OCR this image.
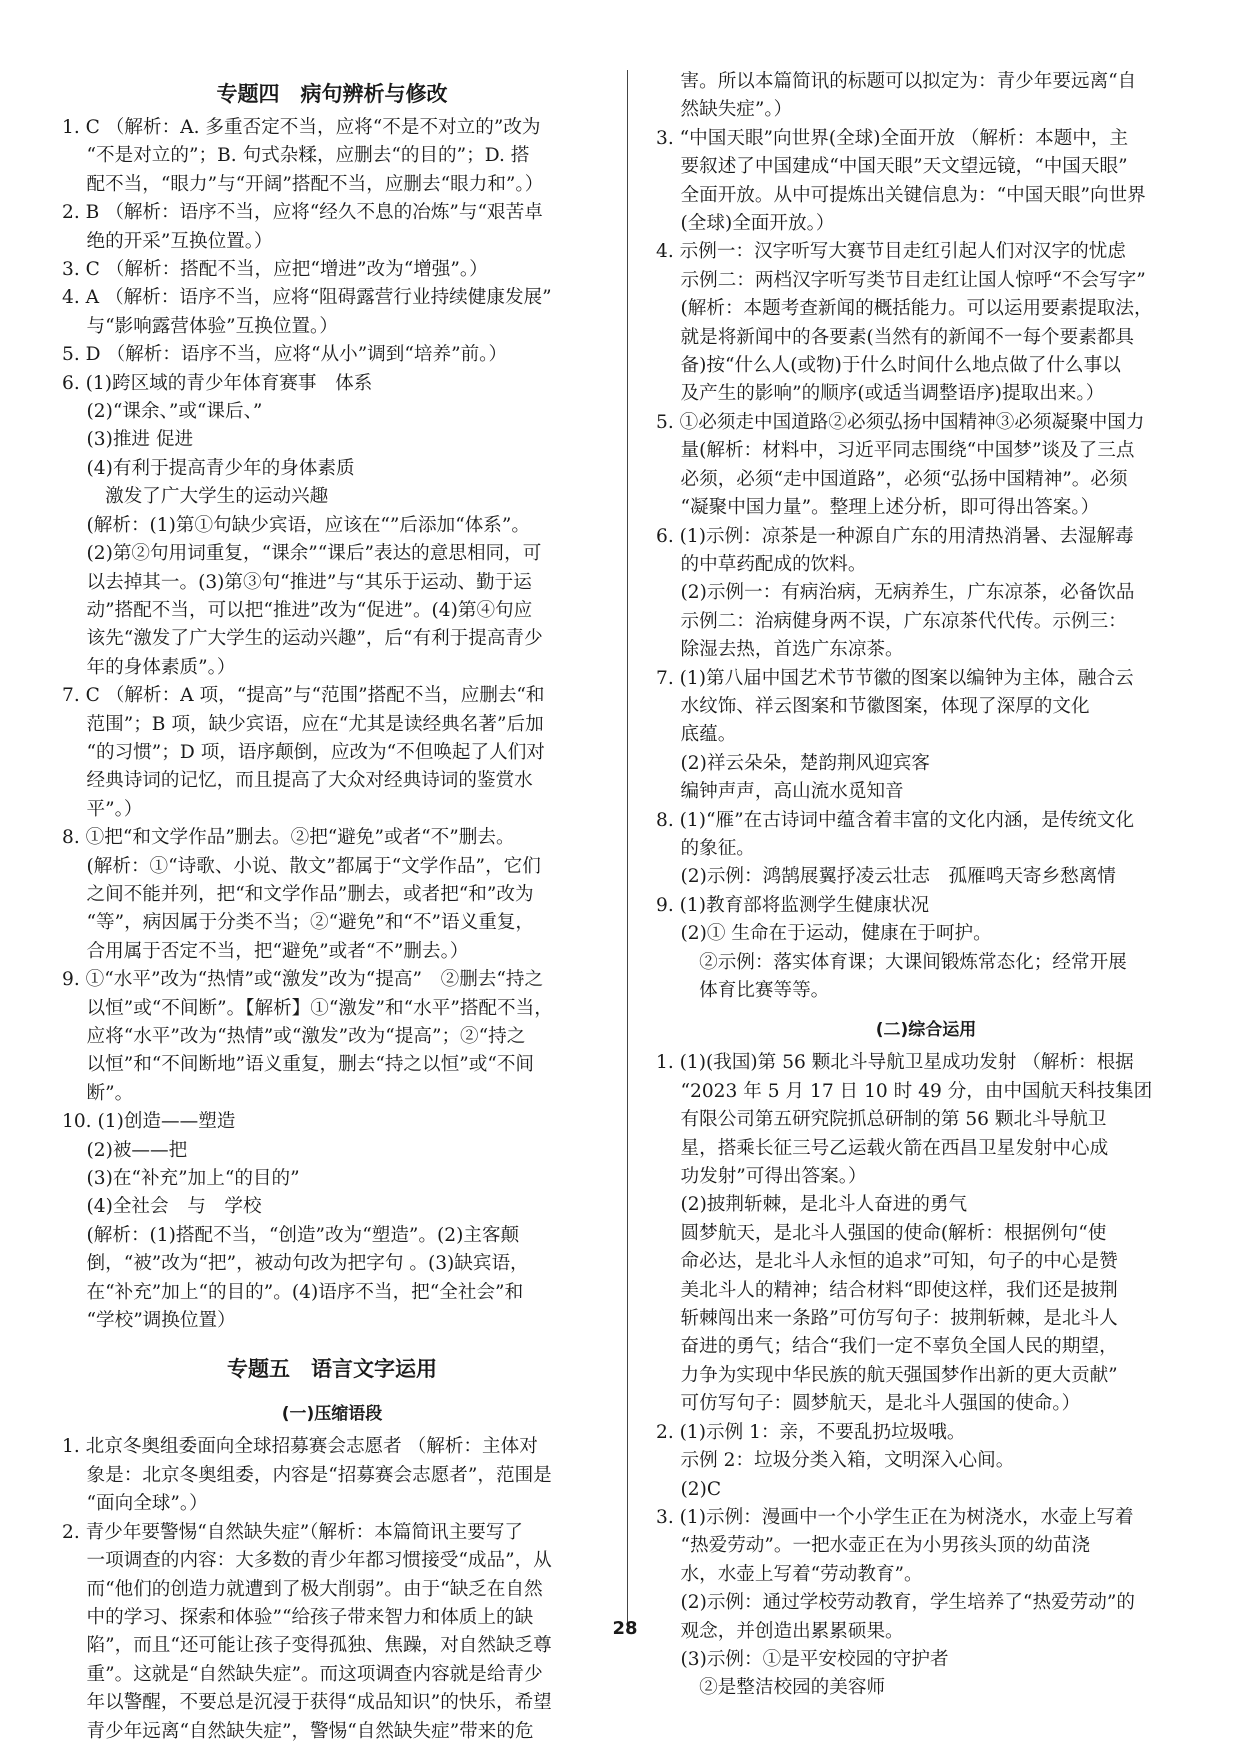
专题四　病句辨析与修改
1. C （解析：A. 多重否定不当，应将“不是不对立的”改为
　 “不是对立的”；B. 句式杂糅，应删去“的目的”；D. 搭
　 配不当，“眼力”与“开阔”搭配不当，应删去“眼力和”。）
2. B （解析：语序不当，应将“经久不息的冶炼”与“艰苦卓
　 绝的开采”互换位置。）
3. C （解析：搭配不当，应把“增进”改为“增强”。）
4. A （解析：语序不当，应将“阻碍露营行业持续健康发展”
　 与“影响露营体验”互换位置。）
5. D （解析：语序不当，应将“从小”调到“培养”前。）
6. (1)跨区域的青少年体育赛事　体系
　 (2)“课余、”或“课后、”
　 (3)推进 促进
　 (4)有利于提高青少年的身体素质
　　 激发了广大学生的运动兴趣
　 (解析：(1)第①句缺少宾语，应该在“”后添加“体系”。
　 (2)第②句用词重复，“课余”“课后”表达的意思相同，可
　 以去掉其一。(3)第③句“推进”与“其乐于运动、勤于运
　 动”搭配不当，可以把“推进”改为“促进”。(4)第④句应
　 该先“激发了广大学生的运动兴趣”，后“有利于提高青少
　 年的身体素质”。）
7. C （解析：A 项，“提高”与“范围”搭配不当，应删去“和
　 范围”；B 项，缺少宾语，应在“尤其是读经典名著”后加
　 “的习惯”；D 项，语序颠倒，应改为“不但唤起了人们对
　 经典诗词的记忆，而且提高了大众对经典诗词的鉴赏水
　 平”。）
8. ①把“和文学作品”删去。②把“避免”或者“不”删去。
　 (解析：①“诗歌、小说、散文”都属于“文学作品”，它们
　 之间不能并列，把“和文学作品”删去，或者把“和”改为
　 “等”，病因属于分类不当；②“避免”和“不”语义重复，
　 合用属于否定不当，把“避免”或者“不”删去。）
9. ①“水平”改为“热情”或“激发”改为“提高”　②删去“持之
　 以恒”或“不间断”。【解析】①“激发”和“水平”搭配不当，
　 应将“水平”改为“热情”或“激发”改为“提高”；②“持之
　 以恒”和“不间断地”语义重复，删去“持之以恒”或“不间
　 断”。
10. (1)创造——塑造
　 (2)被——把
　 (3)在“补充”加上“的目的”
　 (4)全社会　与　学校
　 (解析：(1)搭配不当，“创造”改为“塑造”。(2)主客颠
　 倒，“被”改为“把”，被动句改为把字句 。(3)缺宾语，
　 在“补充”加上“的目的”。(4)语序不当，把“全社会”和
　 “学校”调换位置）
专题五　语言文字运用
(一)压缩语段
1. 北京冬奥组委面向全球招募赛会志愿者 （解析：主体对
　 象是：北京冬奥组委，内容是“招募赛会志愿者”，范围是
　 “面向全球”。）
2. 青少年要警惕“自然缺失症”（解析：本篇简讯主要写了
　 一项调查的内容：大多数的青少年都习惯接受“成品”，从
　 而“他们的创造力就遭到了极大削弱”。由于“缺乏在自然
　 中的学习、探索和体验”“给孩子带来智力和体质上的缺
　 陷”，而且“还可能让孩子变得孤独、焦躁，对自然缺乏尊
　 重”。这就是“自然缺失症”。而这项调查内容就是给青少
　 年以警醒，不要总是沉浸于获得“成品知识”的快乐，希望
　 青少年远离“自然缺失症”，警惕“自然缺失症”带来的危
　 害。所以本篇简讯的标题可以拟定为：青少年要远离“自
　 然缺失症”。）
3. “中国天眼”向世界(全球)全面开放 （解析：本题中，主
　 要叙述了中国建成“中国天眼”天文望远镜，“中国天眼”
　 全面开放。从中可提炼出关键信息为：“中国天眼”向世界
　 (全球)全面开放。）
4. 示例一：汉字听写大赛节目走红引起人们对汉字的忧虑
　 示例二：两档汉字听写类节目走红让国人惊呼“不会写字”
　 (解析：本题考查新闻的概括能力。可以运用要素提取法，
　 就是将新闻中的各要素(当然有的新闻不一每个要素都具
　 备)按“什么人(或物)于什么时间什么地点做了什么事以
　 及产生的影响”的顺序(或适当调整语序)提取出来。）
5. ①必须走中国道路②必须弘扬中国精神③必须凝聚中国力
　 量(解析：材料中，习近平同志围绕“中国梦”谈及了三点
　 必须，必须“走中国道路”，必须“弘扬中国精神”。必须
　 “凝聚中国力量”。整理上述分析，即可得出答案。）
6. (1)示例：凉茶是一种源自广东的用清热消暑、去湿解毒
　 的中草药配成的饮料。
　 (2)示例一：有病治病，无病养生，广东凉茶，必备饮品
　 示例二：治病健身两不误，广东凉茶代代传。示例三：
　 除湿去热，首选广东凉茶。
7. (1)第八届中国艺术节节徽的图案以编钟为主体，融合云
　 水纹饰、祥云图案和节徽图案，体现了深厚的文化
　 底蕴。
　 (2)祥云朵朵，楚韵荆风迎宾客
　 编钟声声，高山流水觅知音
8. (1)“雁”在古诗词中蕴含着丰富的文化内涵，是传统文化
　 的象征。
　 (2)示例：鸿鹄展翼抒凌云壮志　孤雁鸣天寄乡愁离情
9. (1)教育部将监测学生健康状况
　 (2)① 生命在于运动，健康在于呵护。
　　 ②示例：落实体育课；大课间锻炼常态化；经常开展
　　 体育比赛等等。
(二)综合运用
1. (1)(我国)第 56 颗北斗导航卫星成功发射 （解析：根据
　 “2023 年 5 月 17 日 10 时 49 分，由中国航天科技集团
　 有限公司第五研究院抓总研制的第 56 颗北斗导航卫
　 星，搭乘长征三号乙运载火箭在西昌卫星发射中心成
　 功发射”可得出答案。）
　 (2)披荆斩棘，是北斗人奋进的勇气
　 圆梦航天，是北斗人强国的使命(解析：根据例句“使
　 命必达，是北斗人永恒的追求”可知，句子的中心是赞
　 美北斗人的精神；结合材料“即使这样，我们还是披荆
　 斩棘闯出来一条路”可仿写句子：披荆斩棘，是北斗人
　 奋进的勇气；结合“我们一定不辜负全国人民的期望，
　 力争为实现中华民族的航天强国梦作出新的更大贡献”
　 可仿写句子：圆梦航天，是北斗人强国的使命。）
2. (1)示例 1：亲，不要乱扔垃圾哦。
　 示例 2：垃圾分类入箱，文明深入心间。
　 (2)C
3. (1)示例：漫画中一个小学生正在为树浇水，水壶上写着
　 “热爱劳动”。一把水壶正在为小男孩头顶的幼苗浇
　 水，水壶上写着“劳动教育”。
　 (2)示例：通过学校劳动教育，学生培养了“热爱劳动”的
　 观念，并创造出累累硕果。
　 (3)示例：①是平安校园的守护者
　　 ②是整洁校园的美容师
28
